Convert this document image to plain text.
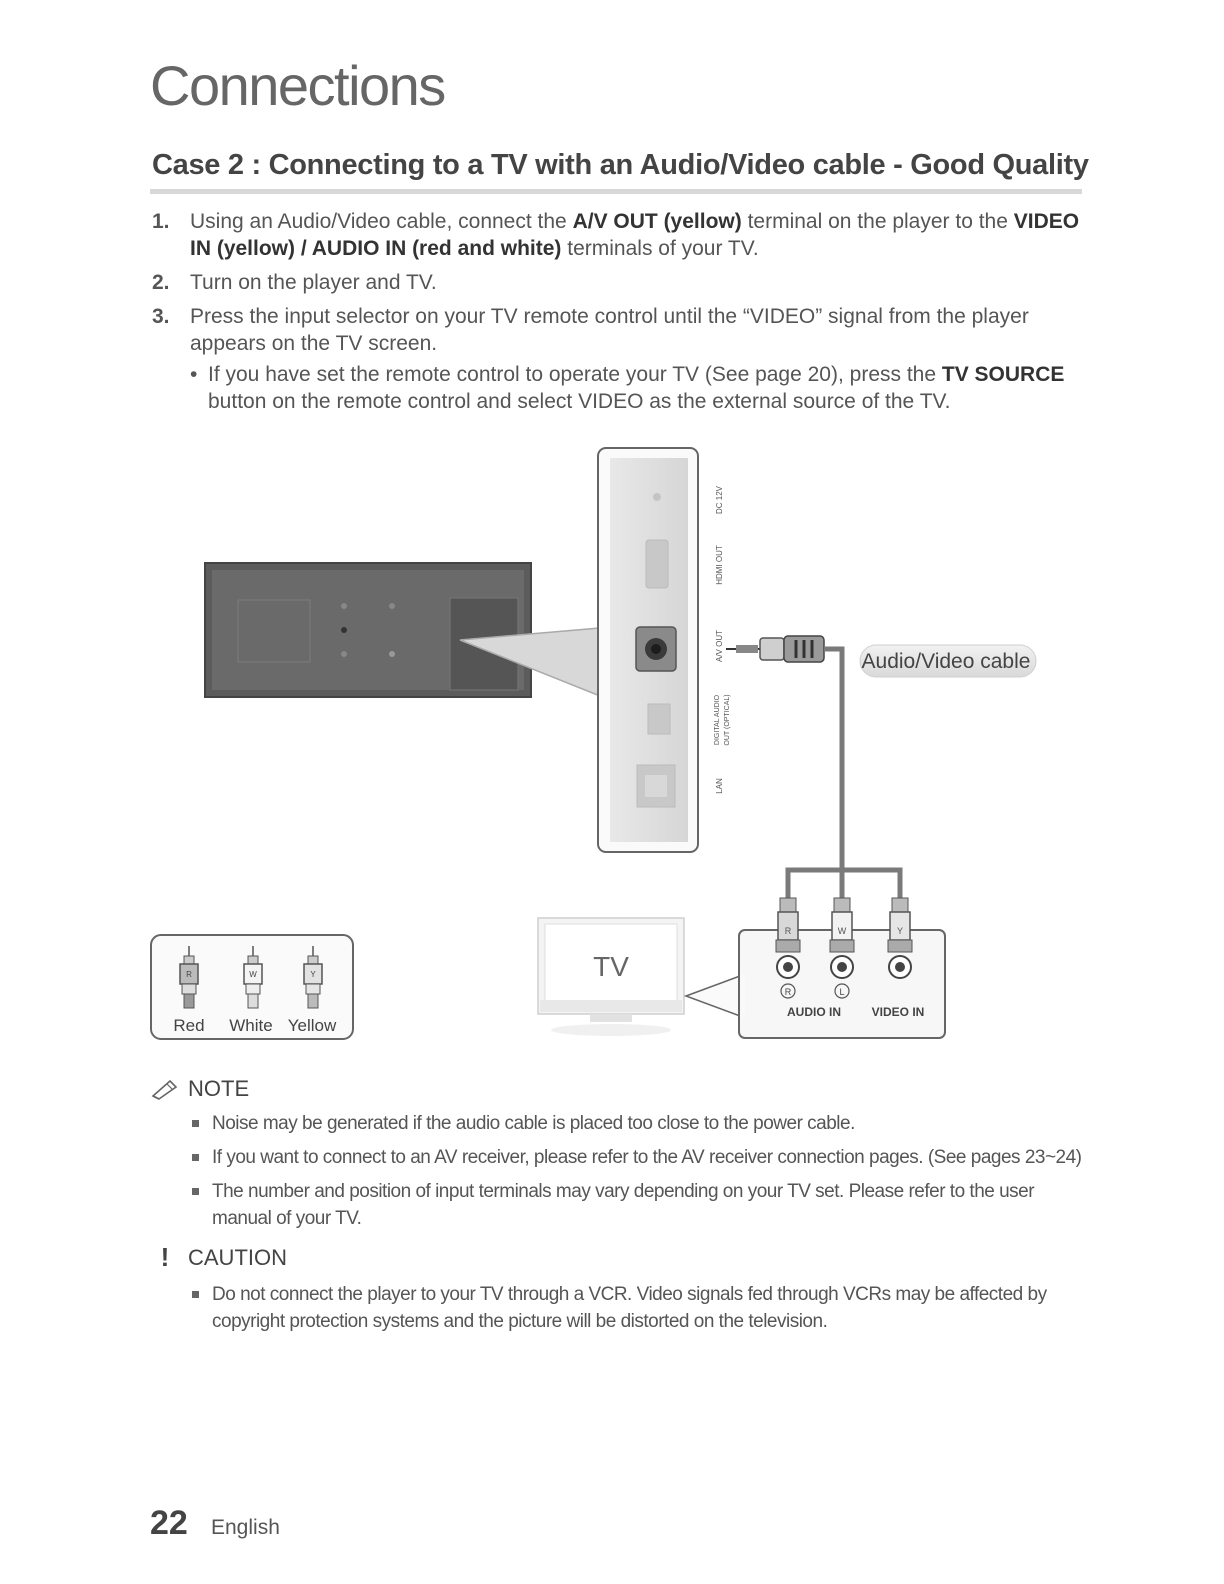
Connections
Case 2 : Connecting to a TV with an Audio/Video cable - Good Quality
1. Using an Audio/Video cable, connect the A/V OUT (yellow) terminal on the player to the VIDEO IN (yellow) / AUDIO IN (red and white) terminals of your TV.
2. Turn on the player and TV.
3. Press the input selector on your TV remote control until the “VIDEO” signal from the player appears on the TV screen.
• If you have set the remote control to operate your TV (See page 20), press the TV SOURCE button on the remote control and select VIDEO as the external source of the TV.
DC 12V
HDMI OUT
A/V OUT
DIGITAL AUDIO OUT (OPTICAL)
LAN
Audio/Video cable
TV
R	W	Y
R	L
AUDIO IN	VIDEO IN
R	W	Y
Red White Yellow
NOTE
Noise may be generated if the audio cable is placed too close to the power cable.
If you want to connect to an AV receiver, please refer to the AV receiver connection pages. (See pages 23~24)
The number and position of input terminals may vary depending on your TV set. Please refer to the user manual of your TV.
! CAUTION
Do not connect the player to your TV through a VCR. Video signals fed through VCRs may be affected by copyright protection systems and the picture will be distorted on the television.
22 English
